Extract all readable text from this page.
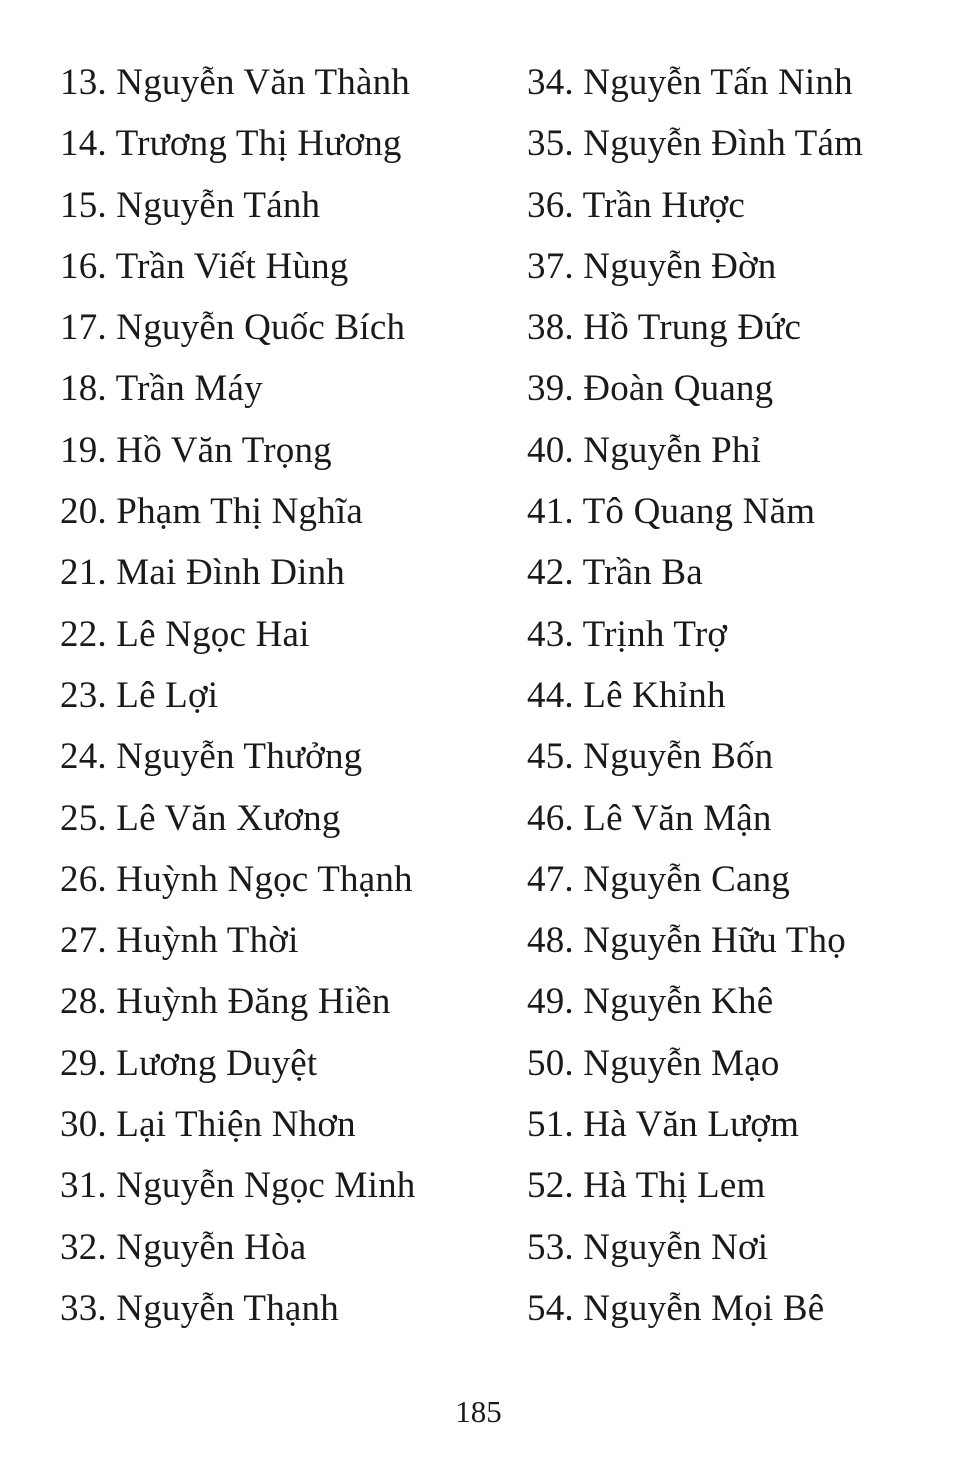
13. Nguyễn Văn Thành
14. Trương Thị Hương
15. Nguyễn Tánh
16. Trần Viết Hùng
17. Nguyễn Quốc Bích
18. Trần Máy
19. Hồ Văn Trọng
20. Phạm Thị Nghĩa
21. Mai Đình Dinh
22. Lê Ngọc Hai
23. Lê Lợi
24. Nguyễn Thưởng
25. Lê Văn Xương
26. Huỳnh Ngọc Thạnh
27. Huỳnh Thời
28. Huỳnh Đăng Hiền
29. Lương Duyệt
30. Lại Thiện Nhơn
31. Nguyễn Ngọc Minh
32. Nguyễn Hòa
33. Nguyễn Thạnh
34. Nguyễn Tấn Ninh
35. Nguyễn Đình Tám
36. Trần Hược
37. Nguyễn Đờn
38. Hồ Trung Đức
39. Đoàn Quang
40. Nguyễn Phỉ
41. Tô Quang Năm
42. Trần Ba
43. Trịnh Trợ
44. Lê Khỉnh
45. Nguyễn Bốn
46. Lê Văn Mận
47. Nguyễn Cang
48. Nguyễn Hữu Thọ
49. Nguyễn Khê
50. Nguyễn Mạo
51. Hà Văn Lượm
52. Hà Thị Lem
53. Nguyễn Nơi
54. Nguyễn Mọi Bê
185
